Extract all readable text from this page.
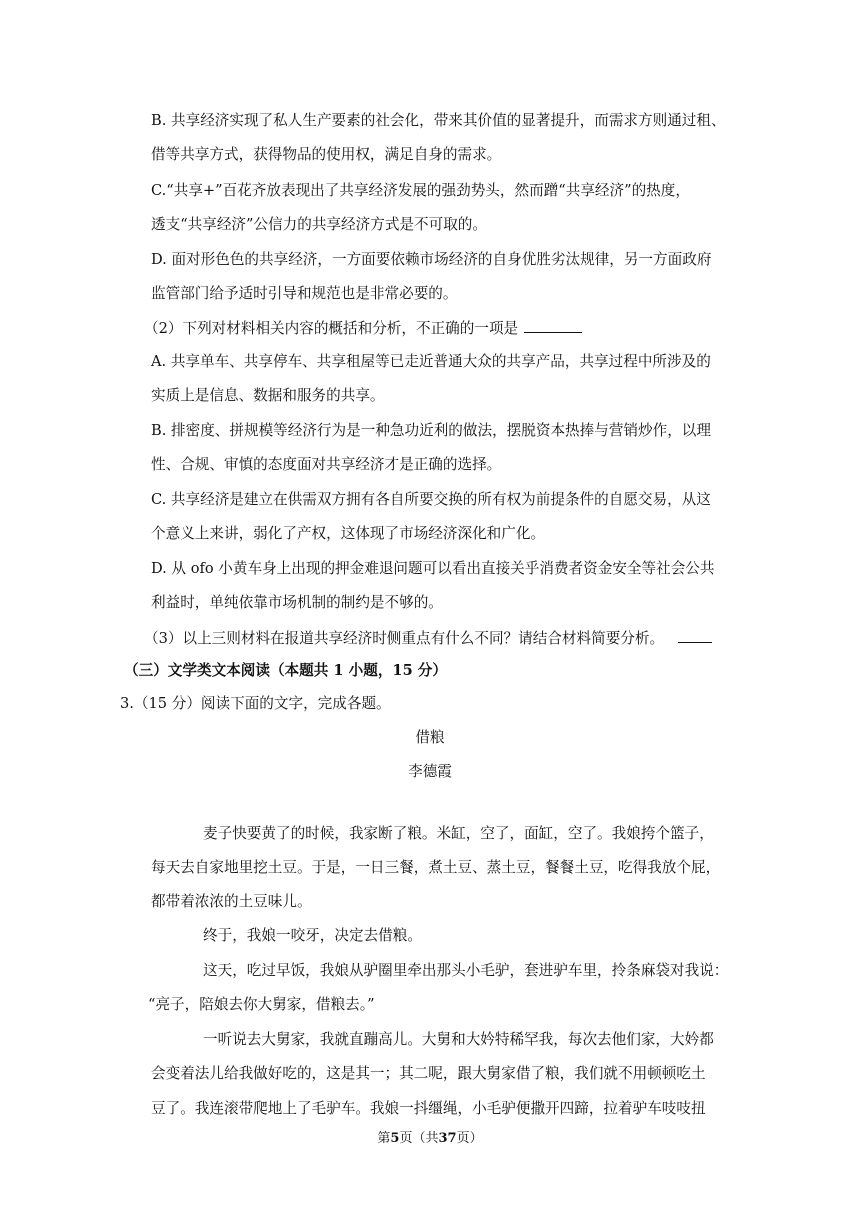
B. 共享经济实现了私人生产要素的社会化，带来其价值的显著提升，而需求方则通过租、
借等共享方式，获得物品的使用权，满足自身的需求。
C.“共享+”百花齐放表现出了共享经济发展的强劲势头，然而蹭“共享经济”的热度，
透支“共享经济”公信力的共享经济方式是不可取的。
D. 面对形色色的共享经济，一方面要依赖市场经济的自身优胜劣汰规律，另一方面政府
监管部门给予适时引导和规范也是非常必要的。
（2）下列对材料相关内容的概括和分析，不正确的一项是
A. 共享单车、共享停车、共享租屋等已走近普通大众的共享产品，共享过程中所涉及的
实质上是信息、数据和服务的共享。
B. 排密度、拼规模等经济行为是一种急功近利的做法，摆脱资本热捧与营销炒作，以理
性、合规、审慎的态度面对共享经济才是正确的选择。
C. 共享经济是建立在供需双方拥有各自所要交换的所有权为前提条件的自愿交易，从这
个意义上来讲，弱化了产权，这体现了市场经济深化和广化。
D. 从 ofo 小黄车身上出现的押金难退问题可以看出直接关乎消费者资金安全等社会公共
利益时，单纯依靠市场机制的制约是不够的。
（3）以上三则材料在报道共享经济时侧重点有什么不同？请结合材料简要分析。
（三）文学类文本阅读（本题共 1 小题，15 分）
3.（15 分）阅读下面的文字，完成各题。
借粮
李德霞
麦子快要黄了的时候，我家断了粮。米缸，空了，面缸，空了。我娘挎个篮子，
每天去自家地里挖土豆。于是，一日三餐，煮土豆、蒸土豆，餐餐土豆，吃得我放个屁，
都带着浓浓的土豆味儿。
终于，我娘一咬牙，决定去借粮。
这天，吃过早饭，我娘从驴圈里牵出那头小毛驴，套进驴车里，拎条麻袋对我说：
“亮子，陪娘去你大舅家，借粮去。”
一听说去大舅家，我就直蹦高儿。大舅和大妗特稀罕我，每次去他们家，大妗都
会变着法儿给我做好吃的，这是其一；其二呢，跟大舅家借了粮，我们就不用顿顿吃土
豆了。我连滚带爬地上了毛驴车。我娘一抖缰绳，小毛驴便撒开四蹄，拉着驴车吱吱扭
第5页（共37页）
